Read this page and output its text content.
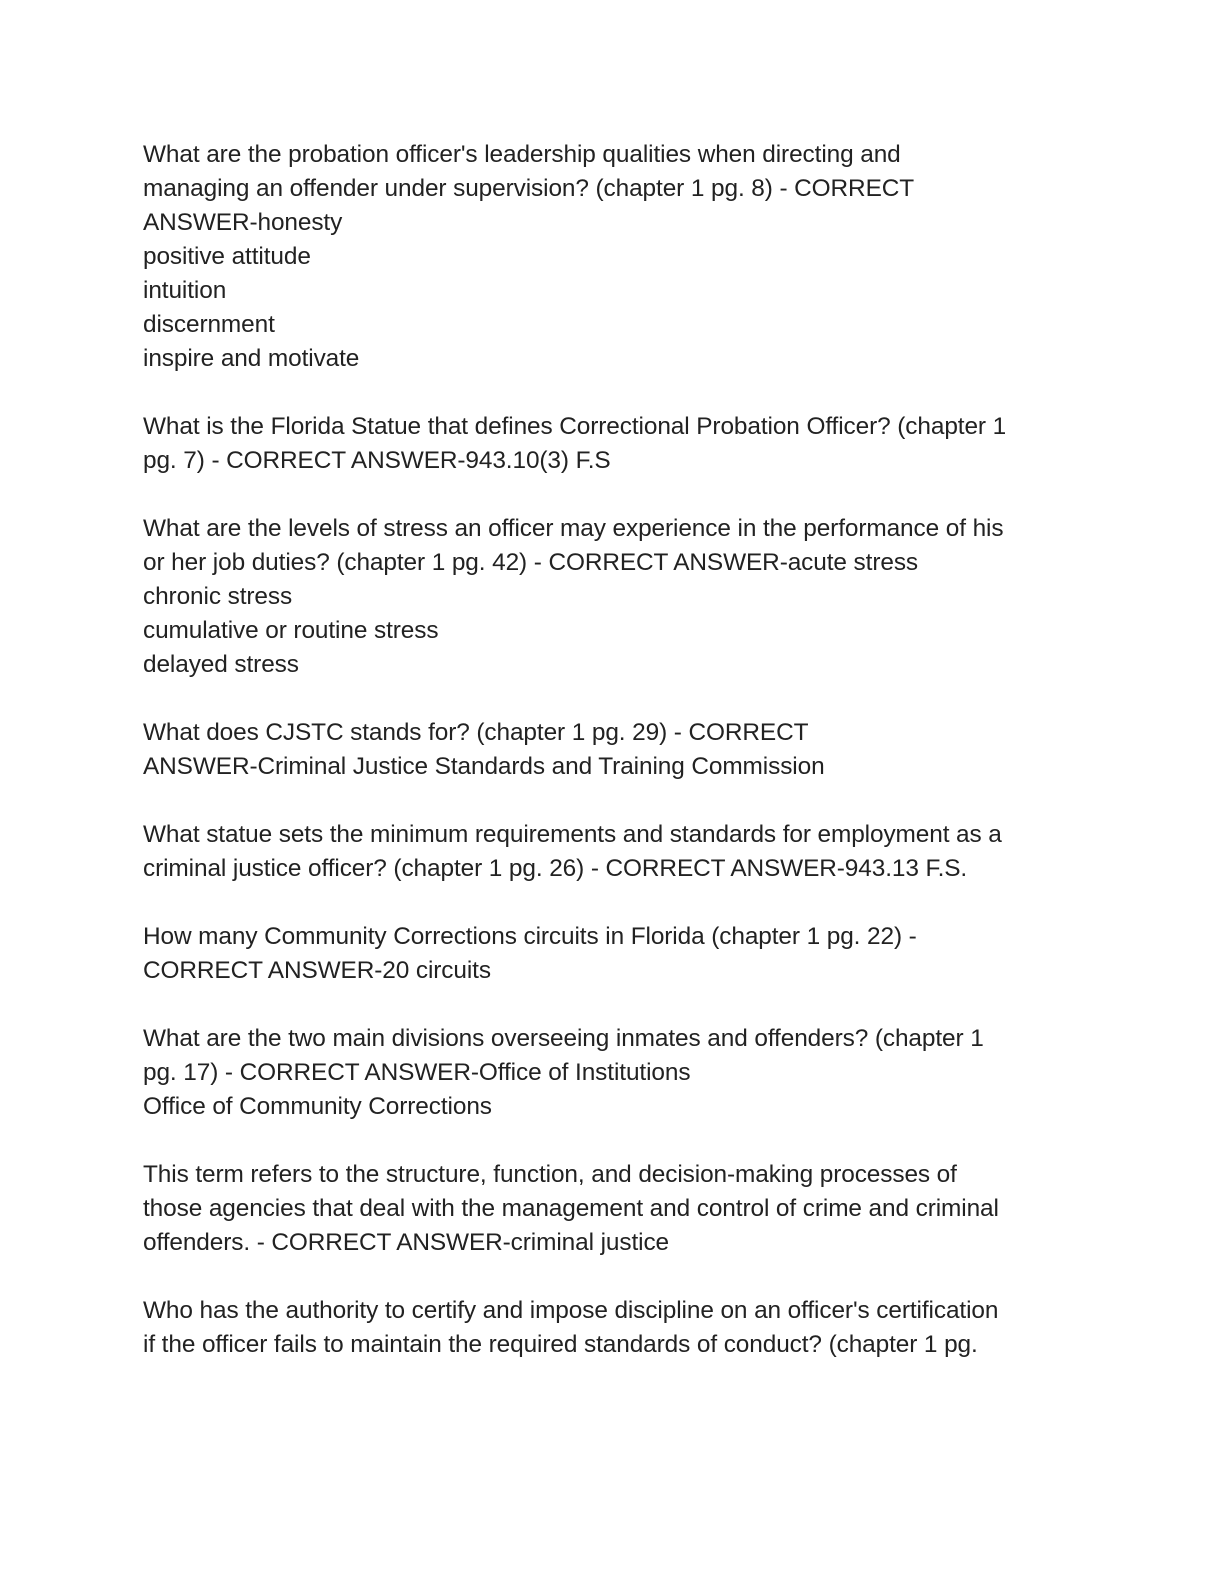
What are the probation officer's leadership qualities when directing and
managing an offender under supervision? (chapter 1 pg. 8) - CORRECT
ANSWER-honesty
positive attitude
intuition
discernment
inspire and motivate
What is the Florida Statue that defines Correctional Probation Officer? (chapter 1
pg. 7) - CORRECT ANSWER-943.10(3) F.S
What are the levels of stress an officer may experience in the performance of his
or her job duties? (chapter 1 pg. 42) - CORRECT ANSWER-acute stress
chronic stress
cumulative or routine stress
delayed stress
What does CJSTC stands for? (chapter 1 pg. 29) - CORRECT
ANSWER-Criminal Justice Standards and Training Commission
What statue sets the minimum requirements and standards for employment as a
criminal justice officer? (chapter 1 pg. 26) - CORRECT ANSWER-943.13 F.S.
How many Community Corrections circuits in Florida (chapter 1 pg. 22) -
CORRECT ANSWER-20 circuits
What are the two main divisions overseeing inmates and offenders? (chapter 1
pg. 17) - CORRECT ANSWER-Office of Institutions
Office of Community Corrections
This term refers to the structure, function, and decision-making processes of
those agencies that deal with the management and control of crime and criminal
offenders. - CORRECT ANSWER-criminal justice
Who has the authority to certify and impose discipline on an officer's certification
if the officer fails to maintain the required standards of conduct? (chapter 1 pg.
